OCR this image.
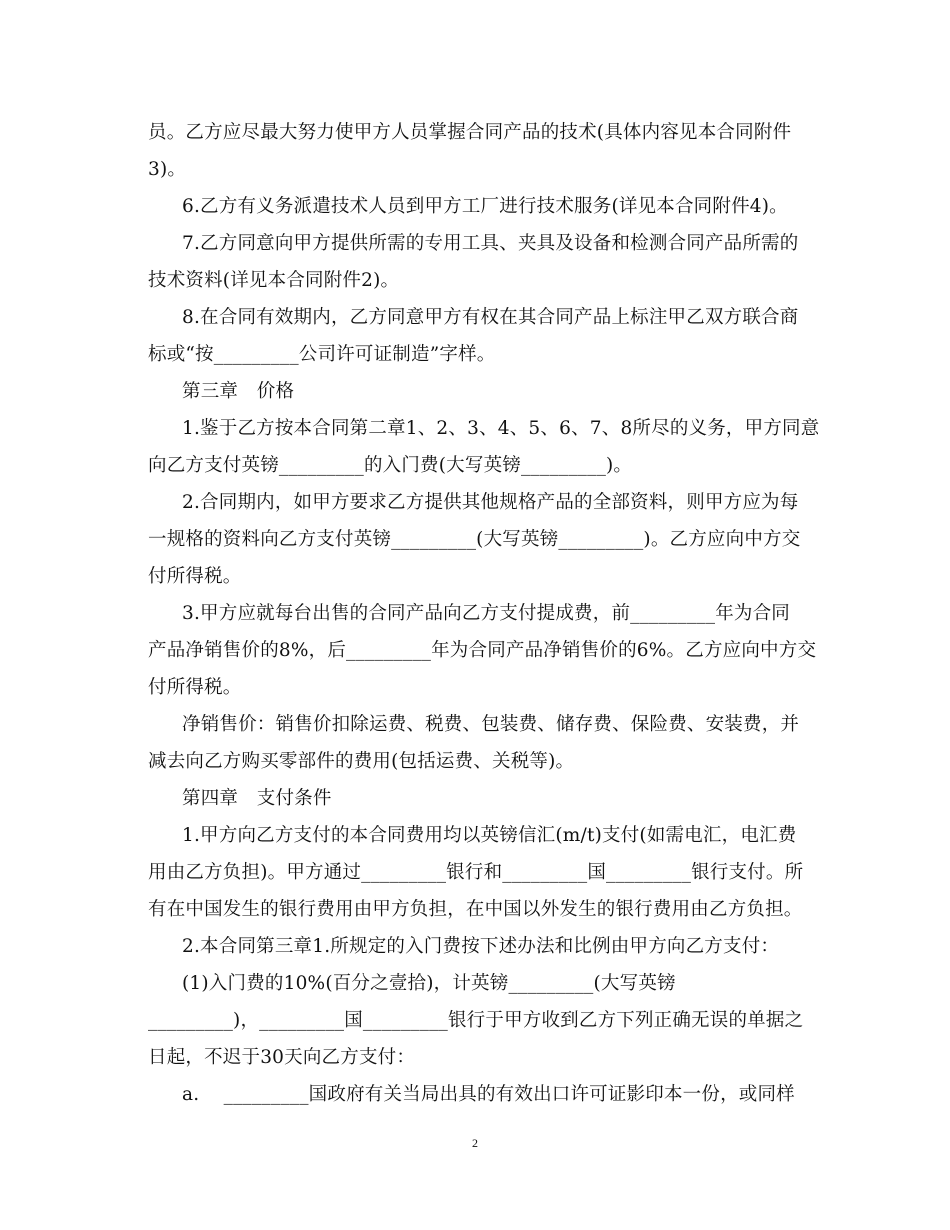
员。乙方应尽最大努力使甲方人员掌握合同产品的技术(具体内容见本合同附件
3)。
6.乙方有义务派遣技术人员到甲方工厂进行技术服务(详见本合同附件4)。
7.乙方同意向甲方提供所需的专用工具、夹具及设备和检测合同产品所需的
技术资料(详见本合同附件2)。
8.在合同有效期内，乙方同意甲方有权在其合同产品上标注甲乙双方联合商
标或“按_________公司许可证制造”字样。
第三章　价格
1.鉴于乙方按本合同第二章1、2、3、4、5、6、7、8所尽的义务，甲方同意
向乙方支付英镑_________的入门费(大写英镑_________)。
2.合同期内，如甲方要求乙方提供其他规格产品的全部资料，则甲方应为每
一规格的资料向乙方支付英镑_________(大写英镑_________)。乙方应向中方交
付所得税。
3.甲方应就每台出售的合同产品向乙方支付提成费，前_________年为合同
产品净销售价的8%，后_________年为合同产品净销售价的6%。乙方应向中方交
付所得税。
净销售价：销售价扣除运费、税费、包装费、储存费、保险费、安装费，并
减去向乙方购买零部件的费用(包括运费、关税等)。
第四章　支付条件
1.甲方向乙方支付的本合同费用均以英镑信汇(m/t)支付(如需电汇，电汇费
用由乙方负担)。甲方通过_________银行和_________国_________银行支付。所
有在中国发生的银行费用由甲方负担，在中国以外发生的银行费用由乙方负担。
2.本合同第三章1.所规定的入门费按下述办法和比例由甲方向乙方支付：
(1)入门费的10%(百分之壹拾)，计英镑_________(大写英镑
_________)，_________国_________银行于甲方收到乙方下列正确无误的单据之
日起，不迟于30天向乙方支付：
a.    _________国政府有关当局出具的有效出口许可证影印本一份，或同样
2
